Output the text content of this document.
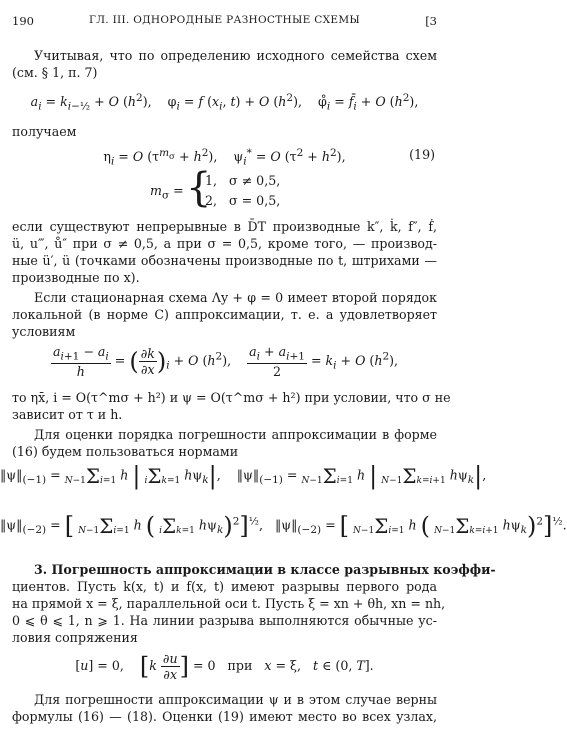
190	ГЛ. III. ОДНОРОДНЫЕ РАЗНОСТНЫЕ СХЕМЫ	[3
Учитывая, что по определению исходного семейства схем
(см. § 1, п. 7)
$a_i = k_{i-\frac{1}{2}} + O$ $(h^2)$,    $\varphi_i = f$ ($x_i$, t) + O $(h^2)$,    $\varphi̊_i$ = $f̄_i + O$ $(h^2)$,
получаем
$\eta_i = O$ $(\tau^{m_\sigma} + h^2)$,    $\psi_i^* = O$ $(\tau^2 + h^2)$,	(19)
$m_\sigma$ = {
1,   σ ≠ 0,5,
2,   σ = 0,5,
если существуют непрерывные в D̄T производные k″, k̇, f″, ḟ,
ü, u‴, ů″ при σ ≠ 0,5, а при σ = 0,5, кроме того, — производ-
ные ü′, ü (точками обозначены производные по t, штрихами —
производные по x).
Если стационарная схема Λy + φ = 0 имеет второй порядок
локальной (в норме C) аппроксимации, т. е. a удовлетворяет
условиям
$\frac{a_{i+1} - a_i}{h}$ = ( $\frac{\partial k}{\partial x} )_i + O$ $(h^2)$, $\frac{a_i + a_{i+1}}{2} = k_i + O$ $(h^2)$,
то ηx̄, i = O(τ^mσ + h²) и ψ = O(τ^mσ + h²) при условии, что σ не
зависит от τ и h.
Для оценки порядка погрешности аппроксимации в форме
(16) будем пользоваться нормами
$‖\psi‖_{(-1)} = N-1\Sigma i=1$ h | iΣk=1 $h\psi_k|$,    $‖\psi‖_{(-1)} = N-1\Sigma i=1$ h | N−1Σk=i+1 $h\psi_k|$,
$‖\psi‖_{(-2)}$ = [ N−1Σi=1 h ( iΣk=1 $h\psi_k)^2]^{\frac{1}{2}}$,   $‖\psi‖_{(-2)}$ = [ N−1Σi=1 h ( N−1Σk=i+1 $h\psi_k)^2]^{\frac{1}{2}}$.
3. Погрешность аппроксимации в классе разрывных коэффи-
циентов. Пусть k(x, t) и f(x, t) имеют разрывы первого рода
на прямой x = ξ, параллельной оси t. Пусть ξ = xn + θh, xn = nh,
0 ⩽ θ ⩽ 1, n ⩾ 1. На линии разрыва выполняются обычные ус-
ловия сопряжения
[u] = 0,    [$k \frac{\partial u}{\partial x}$ ] = 0   при   x = ξ,   t ∈ (0, T].
Для погрешности аппроксимации ψ и в этом случае верны
формулы (16) — (18). Оценки (19) имеют место во всех узлах,
